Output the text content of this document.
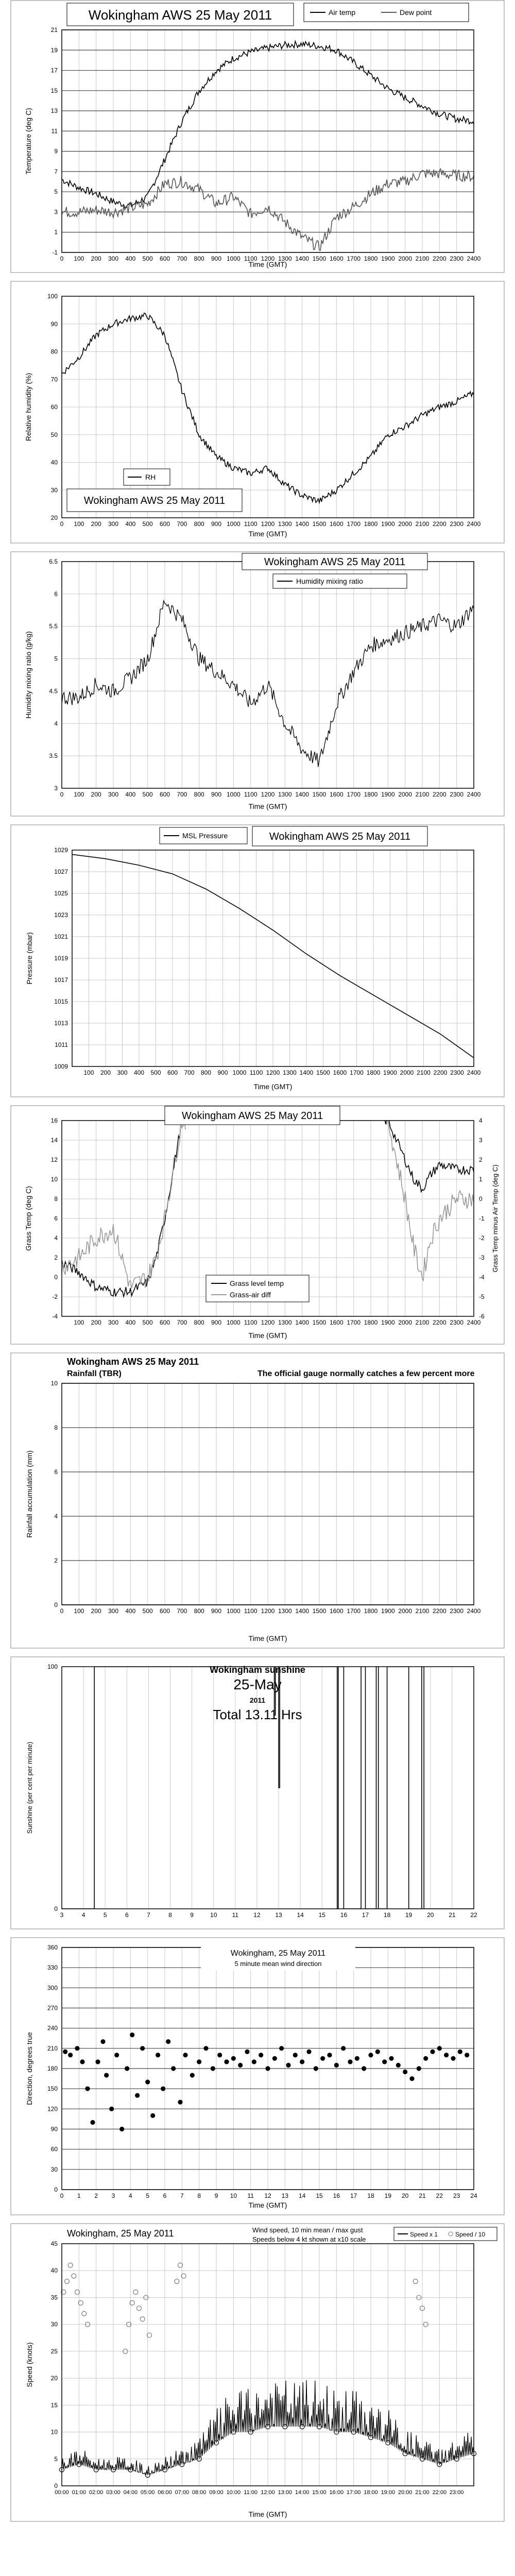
0 100 200 300 400 500 600 700 800 900 1000 1100 1200 1300 1400 1500 1600 1700 1800 1900 2000 2100 2200 2300 2400
-1
1
3
5
7
9
11
13
15
17
19
21
Wokingham AWS 25 May 2011	Air temp	Dew point
Time (GMT)
Temperature (deg C)
0 100 200 300 400 500 600 700 800 900 1000 1100 1200 1300 1400 1500 1600 1700 1800 1900 2000 2100 2200 2300 2400
20
30
40
50
60
70
80
90
100
RH
Wokingham AWS 25 May 2011
Time (GMT)
Relative humidity (%)
0 100 200 300 400 500 600 700 800 900 1000 1100 1200 1300 1400 1500 1600 1700 1800 1900 2000 2100 2200 2300 2400
3
3.5
4
4.5
5
5.5
6
6.5	Wokingham AWS 25 May 2011
Humidity mixing ratio
Time (GMT)
Humidity mixing ratio (g/kg)
100 200 300 400 500 600 700 800 900 1000 1100 1200 1300 1400 1500 1600 1700 1800 1900 2000 2100 2200 2300 2400
1009
1011
1013
1015
1017
1019
1021
1023
1025
1027
1029
MSL Pressure	Wokingham AWS 25 May 2011
Time (GMT)
Pressure (mbar)
100 200 300 400 500 600 700 800 900 1000 1100 1200 1300 1400 1500 1600 1700 1800 1900 2000 2100 2200 2300 2400
-4
-2
0
2
4
6
8
10
12
14
16
-6
-5
-4
-3
-2
-1
0
1
2
3
4
Wokingham AWS 25 May 2011
Grass level temp
Grass-air diff
Time (GMT)
Grass Temp (deg C)	Grass Temp minus Air Temp (deg C)
0 100 200 300 400 500 600 700 800 900 1000 1100 1200 1300 1400 1500 1600 1700 1800 1900 2000 2100 2200 2300 2400
0
2
4
6
8
10
Wokingham AWS 25 May 2011
Rainfall (TBR)	The official gauge normally catches a few percent more
Time (GMT)
Rainfall accumulation (mm)
3	4	5	6	7	8	9	10 11 12 13 14 15 16 17 18 19 20 21 22
0
100	Wokingham sunshine
25-May
2011
Total 13.11 Hrs
Sunshine (per cent per minute)
0 1 2 3 4 5 6 7 8 9 10 11 12 13 14 15 16 17 18 19 20 21 22 23 24
0
30
60
90
120
150
180
210
240
270
300
330
360
Wokingham, 25 May 2011
5 minute mean wind direction
Time (GMT)
Direction, degrees true
00:00 01:00 02:00 03:00 04:00 05:00 06:00 07:00 08:00 09:00 10:00 11:00 12:00 13:00 14:00 15:00 16:00 17:00 18:00 19:00 20:00 21:00 22:00 23:00
0
5
10
15
20
25
30
35
40
45
Wokingham, 25 May 2011	Wind speed, 10 min mean / max gust
Speeds below 4 kt shown at x10 scale
Speed x 1	Speed / 10
Time (GMT)
Speed (knots)
